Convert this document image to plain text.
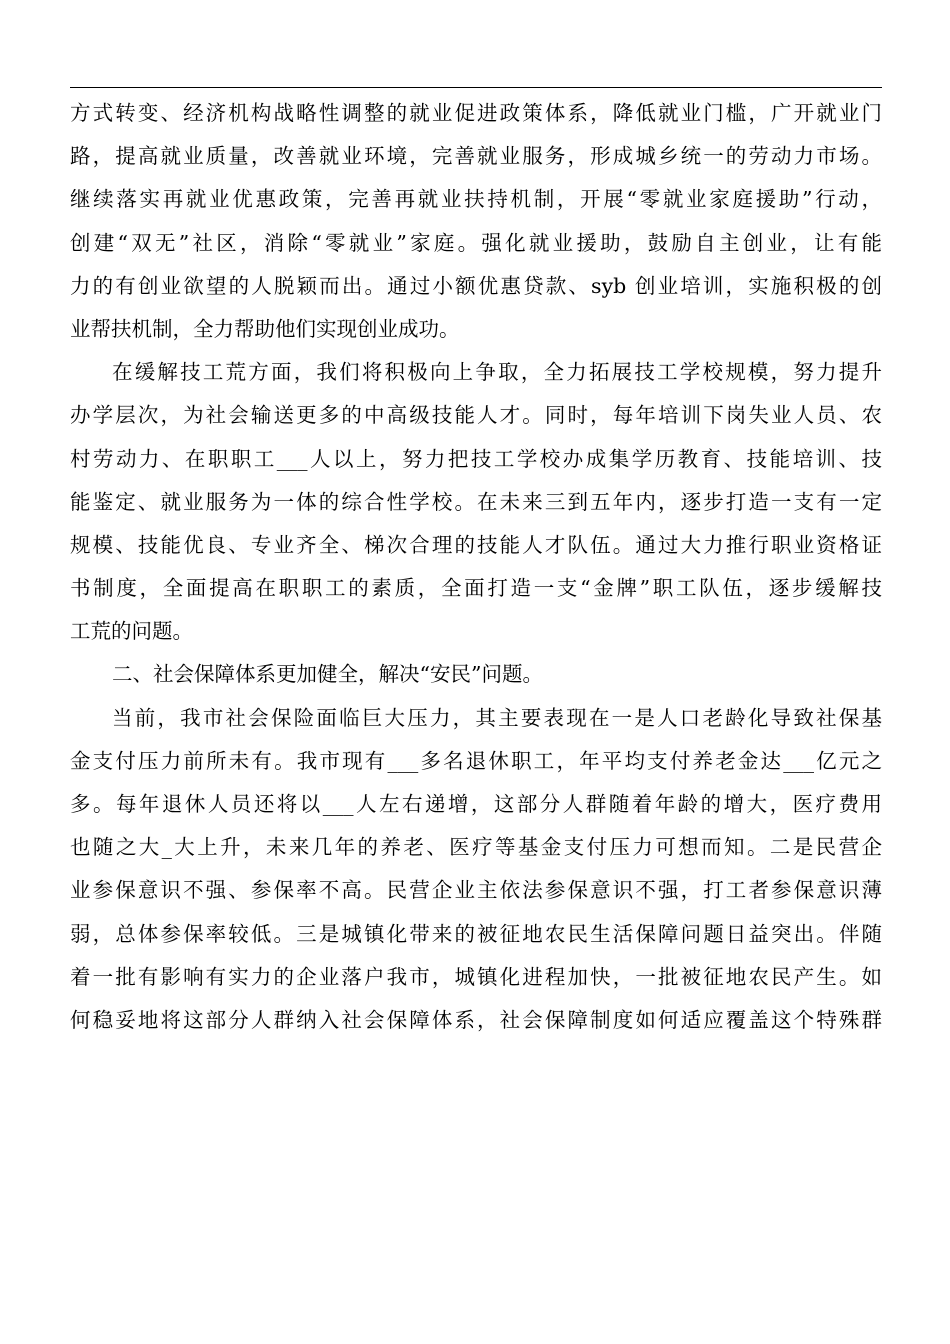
方式转变、经济机构战略性调整的就业促进政策体系，降低就业门槛，广开就业门
路，提高就业质量，改善就业环境，完善就业服务，形成城乡统一的劳动力市场。
继续落实再就业优惠政策，完善再就业扶持机制，开展“零就业家庭援助”行动，
创建“双无”社区，消除“零就业”家庭。强化就业援助，鼓励自主创业，让有能
力的有创业欲望的人脱颖而出。通过小额优惠贷款、syb 创业培训，实施积极的创
业帮扶机制，全力帮助他们实现创业成功。
在缓解技工荒方面，我们将积极向上争取，全力拓展技工学校规模，努力提升
办学层次，为社会输送更多的中高级技能人才。同时，每年培训下岗失业人员、农
村劳动力、在职职工___人以上，努力把技工学校办成集学历教育、技能培训、技
能鉴定、就业服务为一体的综合性学校。在未来三到五年内，逐步打造一支有一定
规模、技能优良、专业齐全、梯次合理的技能人才队伍。通过大力推行职业资格证
书制度，全面提高在职职工的素质，全面打造一支“金牌”职工队伍，逐步缓解技
工荒的问题。
二、社会保障体系更加健全，解决“安民”问题。
当前，我市社会保险面临巨大压力，其主要表现在一是人口老龄化导致社保基
金支付压力前所未有。我市现有___多名退休职工，年平均支付养老金达___亿元之
多。每年退休人员还将以___人左右递增，这部分人群随着年龄的增大，医疗费用
也随之大_大上升，未来几年的养老、医疗等基金支付压力可想而知。二是民营企
业参保意识不强、参保率不高。民营企业主依法参保意识不强，打工者参保意识薄
弱，总体参保率较低。三是城镇化带来的被征地农民生活保障问题日益突出。伴随
着一批有影响有实力的企业落户我市，城镇化进程加快，一批被征地农民产生。如
何稳妥地将这部分人群纳入社会保障体系，社会保障制度如何适应覆盖这个特殊群
